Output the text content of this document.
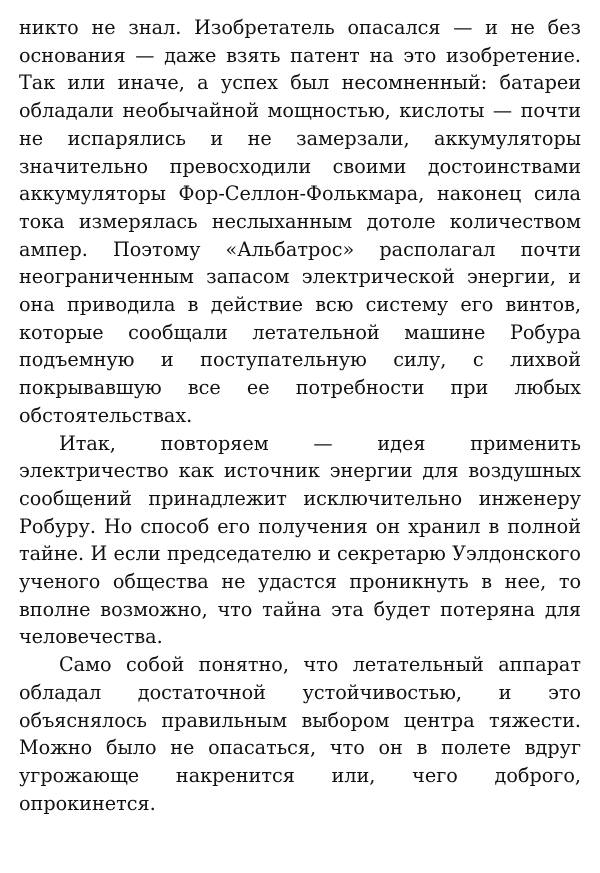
никто не знал. Изобретатель опасался — и не без основания — даже взять патент на это изобретение. Так или иначе, а успех был несомненный: батареи обладали необычайной мощностью, кислоты — почти не испарялись и не замерзали, аккумуляторы значительно превосходили своими достоинствами аккумуляторы Фор-Селлон-Фолькмара, наконец сила тока измерялась неслыханным дотоле количеством ампер. Поэтому «Альбатрос» располагал почти неограниченным запасом электрической энергии, и она приводила в действие всю систему его винтов, которые сообщали летательной машине Робура подъемную и поступательную силу, с лихвой покрывавшую все ее потребности при любых обстоятельствах.

Итак, повторяем — идея применить электричество как источник энергии для воздушных сообщений принадлежит исключительно инженеру Робуру. Но способ его получения он хранил в полной тайне. И если председателю и секретарю Уэлдонского ученого общества не удастся проникнуть в нее, то вполне возможно, что тайна эта будет потеряна для человечества.

Само собой понятно, что летательный аппарат обладал достаточной устойчивостью, и это объяснялось правильным выбором центра тяжести. Можно было не опасаться, что он в полете вдруг угрожающе накренится или, чего доброго, опрокинется.
